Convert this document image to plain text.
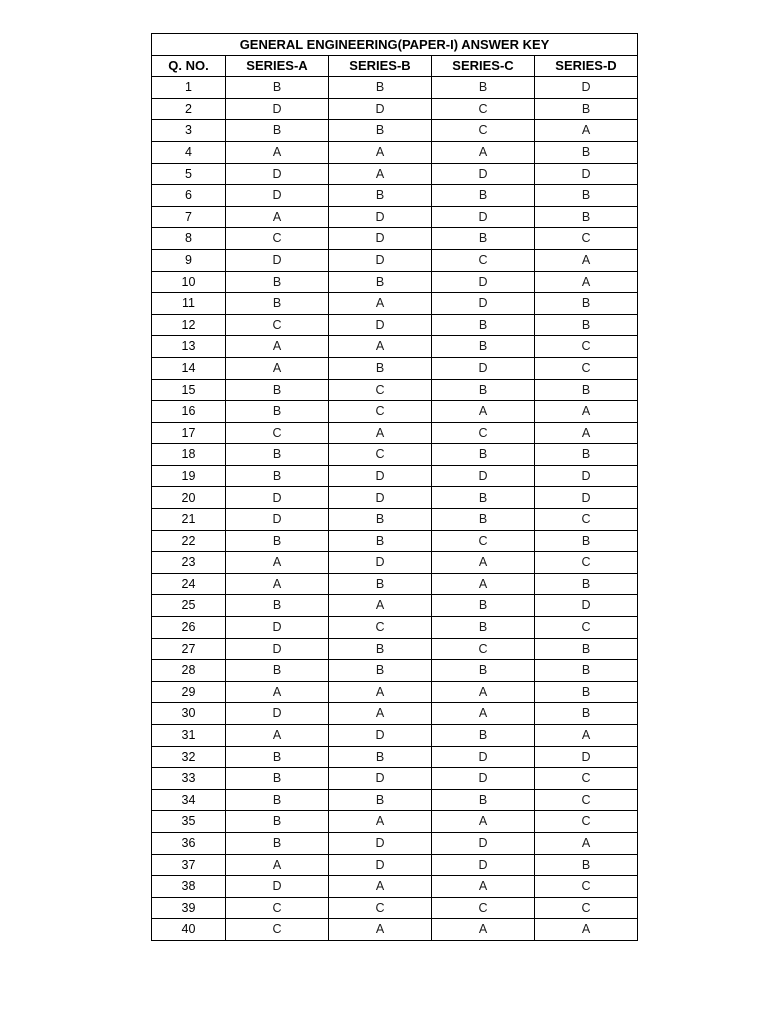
GENERAL ENGINEERING(PAPER-I) ANSWER KEY				
Q. NO.	SERIES-A	SERIES-B	SERIES-C	SERIES-D
1	B	B	B	D
2	D	D	C	B
3	B	B	C	A
4	A	A	A	B
5	D	A	D	D
6	D	B	B	B
7	A	D	D	B
8	C	D	B	C
9	D	D	C	A
10	B	B	D	A
11	B	A	D	B
12	C	D	B	B
13	A	A	B	C
14	A	B	D	C
15	B	C	B	B
16	B	C	A	A
17	C	A	C	A
18	B	C	B	B
19	B	D	D	D
20	D	D	B	D
21	D	B	B	C
22	B	B	C	B
23	A	D	A	C
24	A	B	A	B
25	B	A	B	D
26	D	C	B	C
27	D	B	C	B
28	B	B	B	B
29	A	A	A	B
30	D	A	A	B
31	A	D	B	A
32	B	B	D	D
33	B	D	D	C
34	B	B	B	C
35	B	A	A	C
36	B	D	D	A
37	A	D	D	B
38	D	A	A	C
39	C	C	C	C
40	C	A	A	A
